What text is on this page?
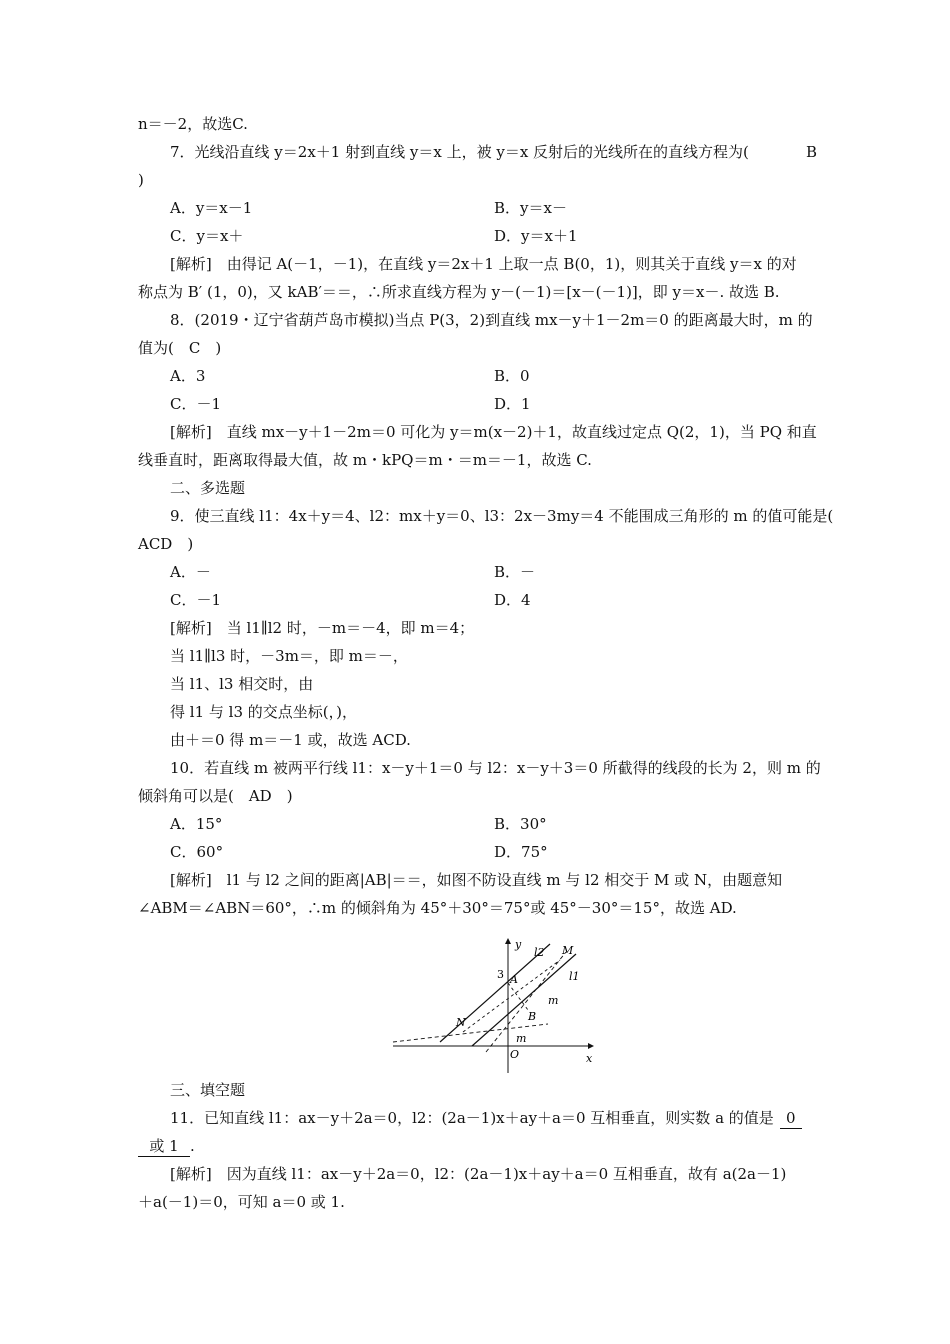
n＝－2，故选C.
7．光线沿直线 y＝2x＋1 射到直线 y＝x 上，被 y＝x 反射后的光线所在的直线方程为(	B
)
A．y＝x－1	B．y＝x－
C．y＝x＋	D．y＝x＋1
[解析]　由得记 A(－1，－1)，在直线 y＝2x＋1 上取一点 B(0，1)，则其关于直线 y＝x 的对
称点为 B′ (1，0)，又 kAB′＝＝，∴所求直线方程为 y－(－1)＝[x－(－1)]，即 y＝x－. 故选 B.
8．(2019・辽宁省葫芦岛市模拟)当点 P(3，2)到直线 mx－y＋1－2m＝0 的距离最大时，m 的
值为(　C　)
A．3	B．0
C．－1	D．1
[解析]　直线 mx－y＋1－2m＝0 可化为 y＝m(x－2)＋1，故直线过定点 Q(2，1)，当 PQ 和直
线垂直时，距离取得最大值，故 m・kPQ＝m・＝m＝－1，故选 C.
二、多选题
9．使三直线 l1：4x＋y＝4、l2：mx＋y＝0、l3：2x－3my＝4 不能围成三角形的 m 的值可能是(
ACD　)
A．－	B．－
C．－1	D．4
[解析]　当 l1∥l2 时，－m＝－4，即 m＝4；
当 l1∥l3 时，－3m＝，即 m＝－，
当 l1、l3 相交时，由
得 l1 与 l3 的交点坐标(，)，
由＋＝0 得 m＝－1 或，故选 ACD.
10．若直线 m 被两平行线 l1：x－y＋1＝0 与 l2：x－y＋3＝0 所截得的线段的长为 2，则 m 的
倾斜角可以是(　AD　)
A．15°	B．30°
C．60°	D．75°
[解析]　l1 与 l2 之间的距离|AB|＝＝，如图不防设直线 m 与 l2 相交于 M 或 N，由题意知
∠ABM＝∠ABN＝60°，∴m 的倾斜角为 45°＋30°＝75°或 45°－30°＝15°，故选 AD.
三、填空题
11．已知直线 l1：ax－y＋2a＝0，l2：(2a－1)x＋ay＋a＝0 互相垂直，则实数 a 的值是 0
或 1 .
[解析]　因为直线 l1：ax－y＋2a＝0，l2：(2a－1)x＋ay＋a＝0 互相垂直，故有 a(2a－1)
＋a(－1)＝0，可知 a＝0 或 1.
y
l2 M
3 A	l1
m
B
N
m
O	x
